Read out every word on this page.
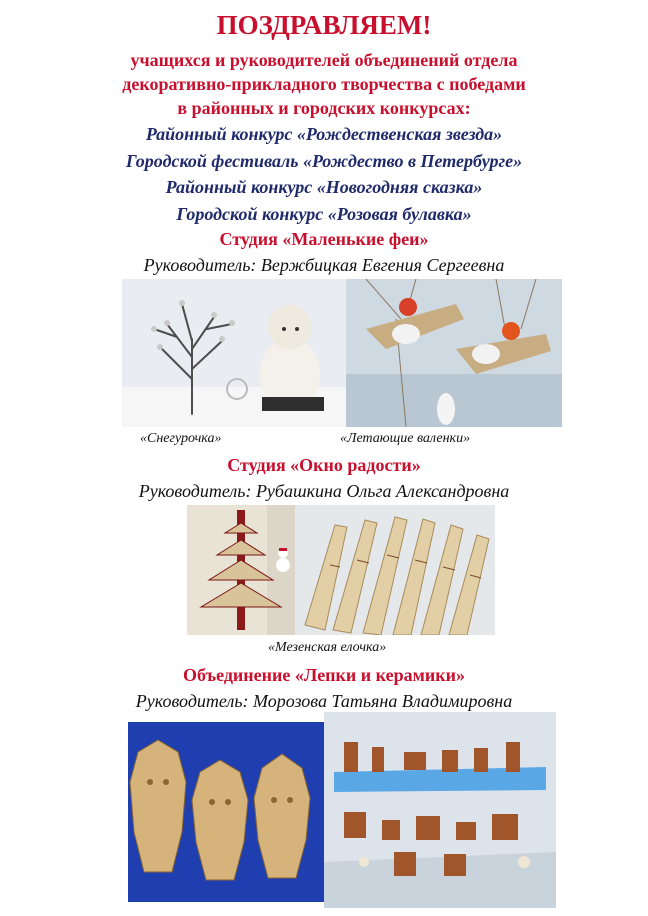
ПОЗДРАВЛЯЕМ!
учащихся и руководителей объединений отдела
декоративно-прикладного творчества с победами
в районных и городских конкурсах:
Районный конкурс «Рождественская звезда»
Городской фестиваль «Рождество в Петербурге»
Районный конкурс «Новогодняя сказка»
Городской конкурс «Розовая булавка»
Студия «Маленькие феи»
Руководитель: Вержбицкая Евгения Сергеевна
«Снегурочка»	«Летающие валенки»
Студия «Окно радости»
Руководитель: Рубашкина Ольга Александровна
«Мезенская елочка»
Объединение «Лепки и керамики»
Руководитель: Морозова Татьяна Владимировна
